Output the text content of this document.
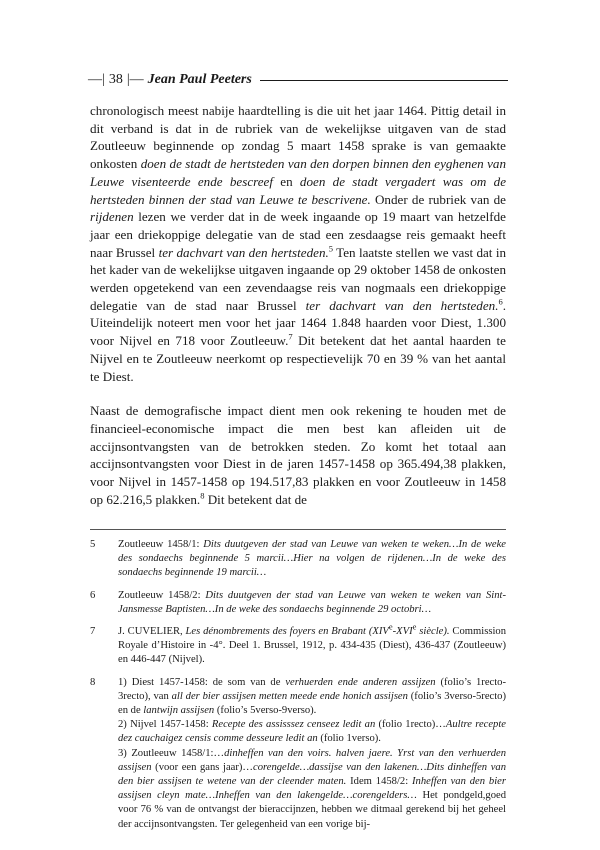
—| 38 |— Jean Paul Peeters

chronologisch meest nabije haardtelling is die uit het jaar 1464. Pittig detail in dit verband is dat in de rubriek van de wekelijkse uitgaven van de stad Zoutleeuw beginnende op zondag 5 maart 1458 sprake is van gemaakte onkosten doen de stadt de hertsteden van den dorpen binnen den eyghenen van Leuwe visenteerde ende bescreef en doen de stadt vergadert was om de hertsteden binnen der stad van Leuwe te bescrivene. Onder de rubriek van de rijdenen lezen we verder dat in de week ingaande op 19 maart van hetzelfde jaar een driekoppige delegatie van de stad een zesdaagse reis gemaakt heeft naar Brussel ter dachvart van den hertsteden.$^5$ Ten laatste stellen we vast dat in het kader van de wekelijkse uitgaven ingaande op 29 oktober 1458 de onkosten werden opgetekend van een zevendaagse reis van nogmaals een driekoppige delegatie van de stad naar Brussel ter dachvart van den hertsteden.$^6$. Uiteindelijk noteert men voor het jaar 1464 1.848 haarden voor Diest, 1.300 voor Nijvel en 718 voor Zoutleeuw.$^7$ Dit betekent dat het aantal haarden te Nijvel en te Zoutleeuw neerkomt op respectievelijk 70 en 39 % van het aantal te Diest.

Naast de demografische impact dient men ook rekening te houden met de financieel-economische impact die men best kan afleiden uit de accijnsontvangsten van de betrokken steden. Zo komt het totaal aan accijnsontvangsten voor Diest in de jaren 1457-1458 op 365.494,38 plakken, voor Nijvel in 1457-1458 op 194.517,83 plakken en voor Zoutleeuw in 1458 op 62.216,5 plakken.$^8$ Dit betekent dat de

5	Zoutleeuw 1458/1: Dits duutgeven der stad van Leuwe van weken te weken…In de weke des sondaechs beginnende 5 marcii…Hier na volgen de rijdenen…In de weke des sondaechs beginnende 19 marcii…
6	Zoutleeuw 1458/2: Dits duutgeven der stad van Leuwe van weken te weken van Sint-Jansmesse Baptisten…In de weke des sondaechs beginnende 29 octobri…
7	J. CUVELIER, Les dénombrements des foyers en Brabant (XIVe-XVIe siècle). Commission Royale d’Histoire in -4°. Deel 1. Brussel, 1912, p. 434-435 (Diest), 436-437 (Zoutleeuw) en 446-447 (Nijvel).
8	1) Diest 1457-1458: de som van de verhuerden ende anderen assijzen (folio’s 1recto-3recto), van all der bier assijsen metten meede ende honich assijsen (folio’s 3verso-5recto) en de lantwijn assijsen (folio’s 5verso-9verso).
2) Nijvel 1457-1458: Recepte des assisssez censeez ledit an (folio 1recto)…Aultre recepte dez cauchaigez censis comme desseure ledit an (folio 1verso).
3) Zoutleeuw 1458/1:…dinheffen van den voirs. halven jaere. Yrst van den verhuerden assijsen (voor een gans jaar)…corengelde…dassijse van den lakenen…Dits dinheffen van den bier assijsen te wetene van der cleender maten. Idem 1458/2: Inheffen van den bier assijsen cleyn mate…Inheffen van den lakengelde…corengelders… Het pondgeld,goed voor 76 % van de ontvangst der bieraccijnzen, hebben we ditmaal gerekend bij het geheel der accijnsontvangsten. Ter gelegenheid van een vorige bij-
